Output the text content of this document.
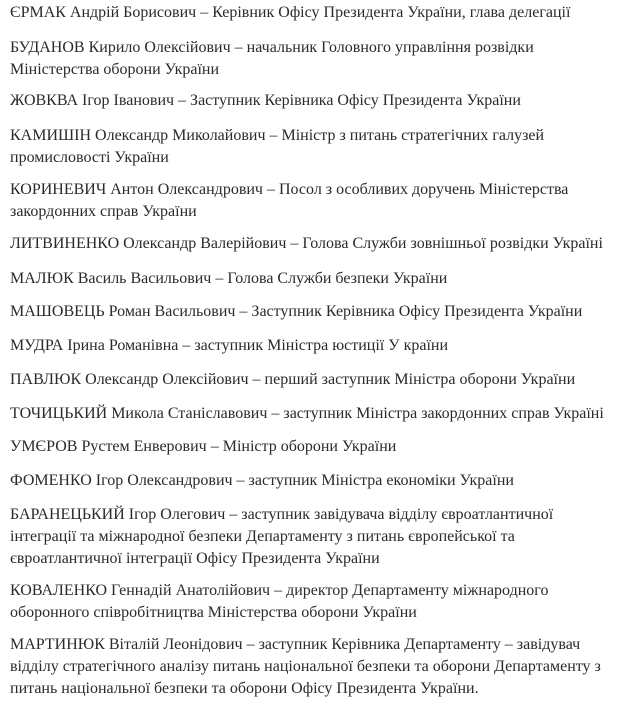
ЄРМАК Андрій Борисович – Керівник Офісу Президента України, глава делегації

БУДАНОВ Кирило Олексійович – начальник Головного управління розвідки
Міністерства оборони України

ЖОВКВА Ігор Іванович – Заступник Керівника Офісу Президента України

КАМИШІН Олександр Миколайович – Міністр з питань стратегічних галузей
промисловості України

КОРИНЕВИЧ Антон Олександрович – Посол з особливих доручень Міністерства
закордонних справ України

ЛИТВИНЕНКО Олександр Валерійович – Голова Служби зовнішньої розвідки Україні

МАЛЮК Василь Васильович – Голова Служби безпеки України

МАШОВЕЦЬ Роман Васильович – Заступник Керівника Офісу Президента України

МУДРА Ірина Романівна – заступник Міністра юстиції У країни

ПАВЛЮК Олександр Олексійович – перший заступник Міністра оборони України

ТОЧИЦЬКИЙ Микола Станіславович – заступник Міністра закордонних справ Україні

УМЄРОВ Рустем Енверович – Міністр оборони України

ФОМЕНКО Ігор Олександрович – заступник Міністра економіки України

БАРАНЕЦЬКИЙ Ігор Олегович – заступник завідувача відділу євроатлантичної
інтеграції та міжнародної безпеки Департаменту з питань європейської та
євроатлантичної інтеграції Офісу Президента України

КОВАЛЕНКО Геннадій Анатолійович – директор Департаменту міжнародного
оборонного співробітництва Міністерства оборони України

МАРТИНЮК Віталій Леонідович – заступник Керівника Департаменту – завідувач
відділу стратегічного аналізу питань національної безпеки та оборони Департаменту з
питань національної безпеки та оборони Офісу Президента України.
